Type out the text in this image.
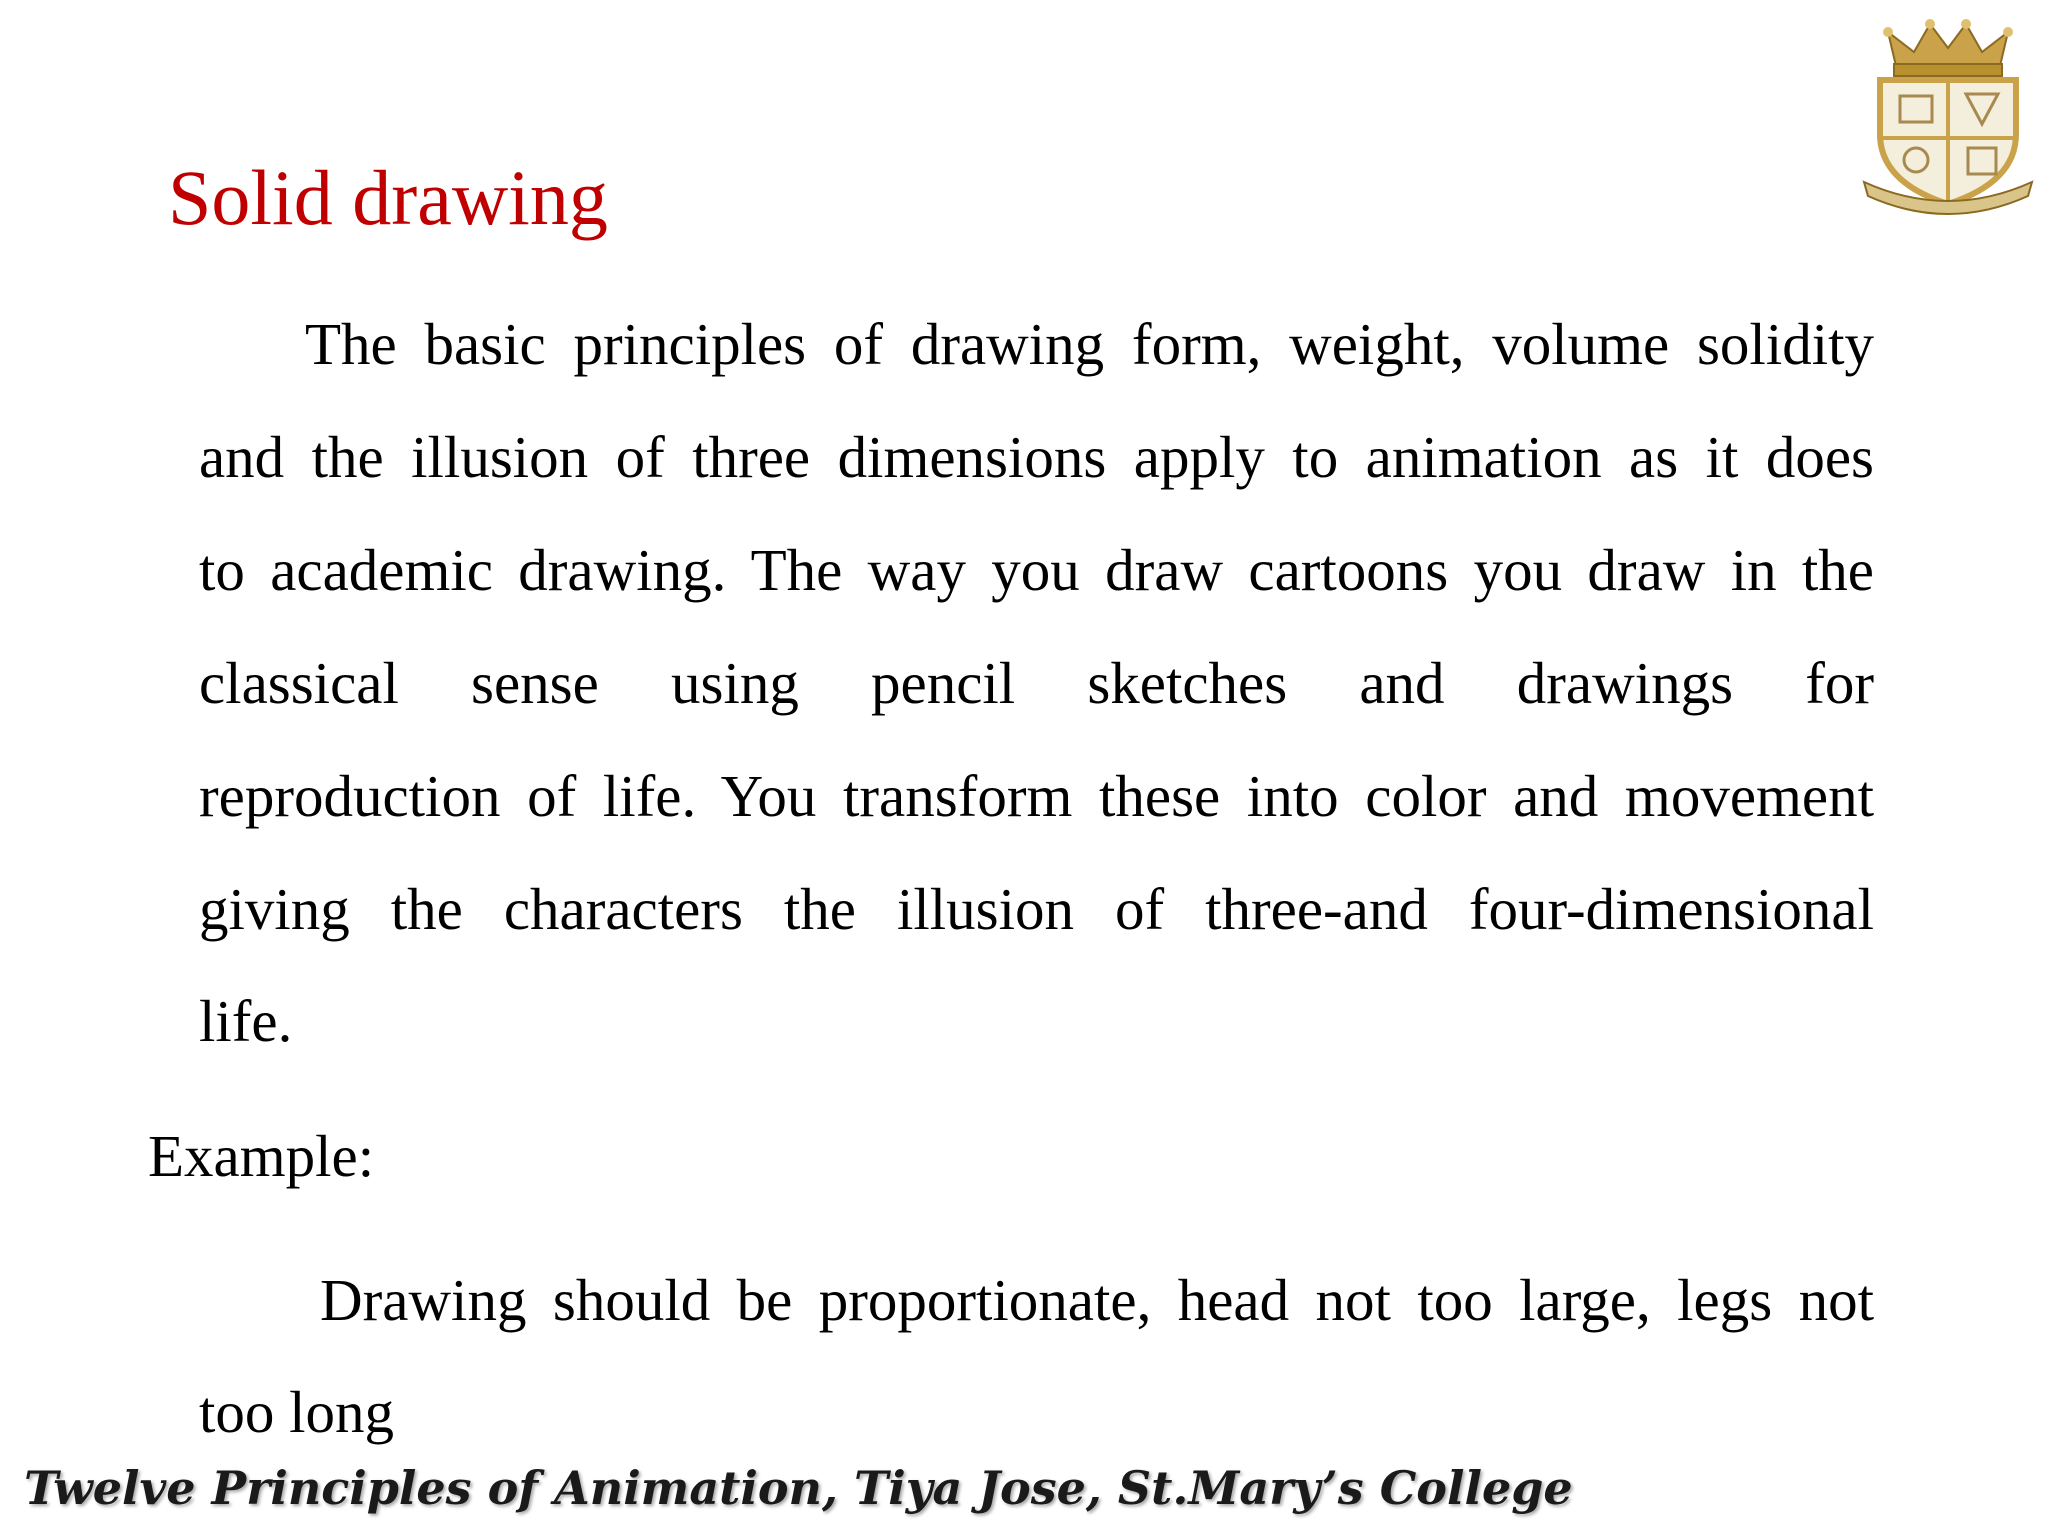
Solid drawing
The basic principles of drawing form, weight, volume solidity
and the illusion of three dimensions apply to animation as it does
to academic drawing. The way you draw cartoons you draw in the
classical sense using pencil sketches and drawings for
reproduction of life. You transform these into color and movement
giving the characters the illusion of three-and four-dimensional
life.
Example:
Drawing should be proportionate, head not too large, legs not
too long
Twelve Principles of Animation, Tiya Jose, St.Mary’s College
